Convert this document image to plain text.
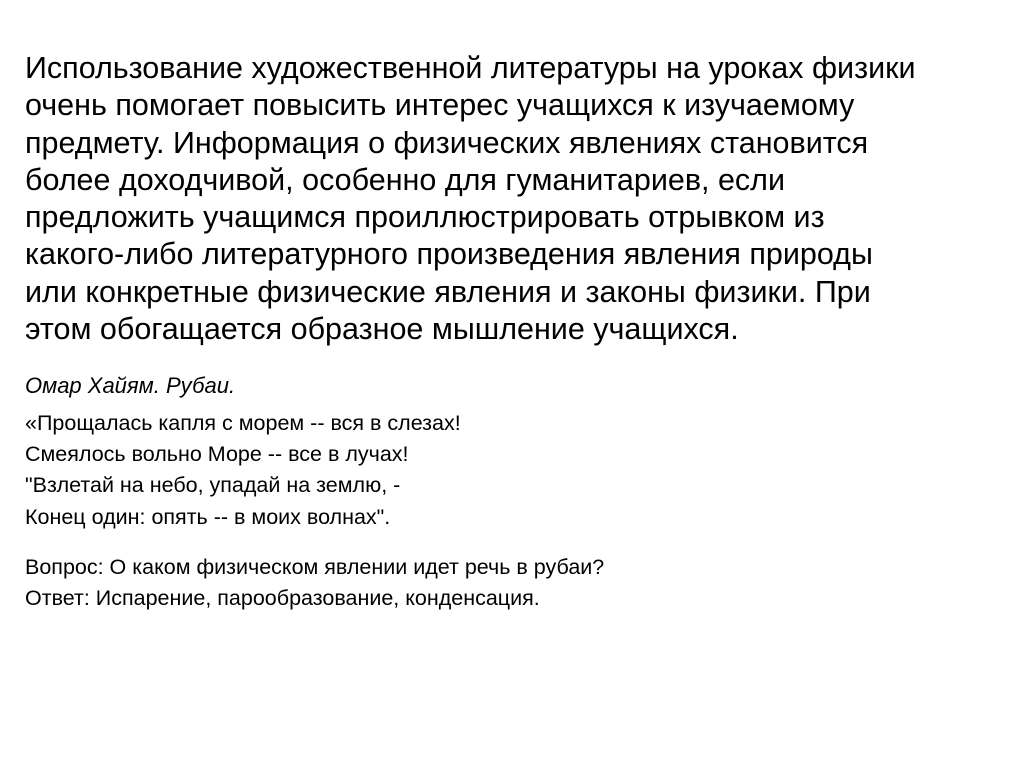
Использование художественной литературы на уроках физики
очень помогает повысить интерес учащихся к изучаемому
предмету. Информация о физических явлениях становится
более доходчивой, особенно для гуманитариев, если
предложить учащимся проиллюстрировать отрывком из
какого-либо литературного произведения явления природы
или конкретные физические явления и законы физики. При
этом обогащается образное мышление учащихся.

Омар Хайям. Рубаи.

«Прощалась капля с морем -- вся в слезах!
Смеялось вольно Море -- все в лучах!
"Взлетай на небо, упадай на землю, -
Конец один: опять -- в моих волнах".

Вопрос: О каком физическом явлении идет речь в рубаи?
Ответ: Испарение, парообразование, конденсация.
